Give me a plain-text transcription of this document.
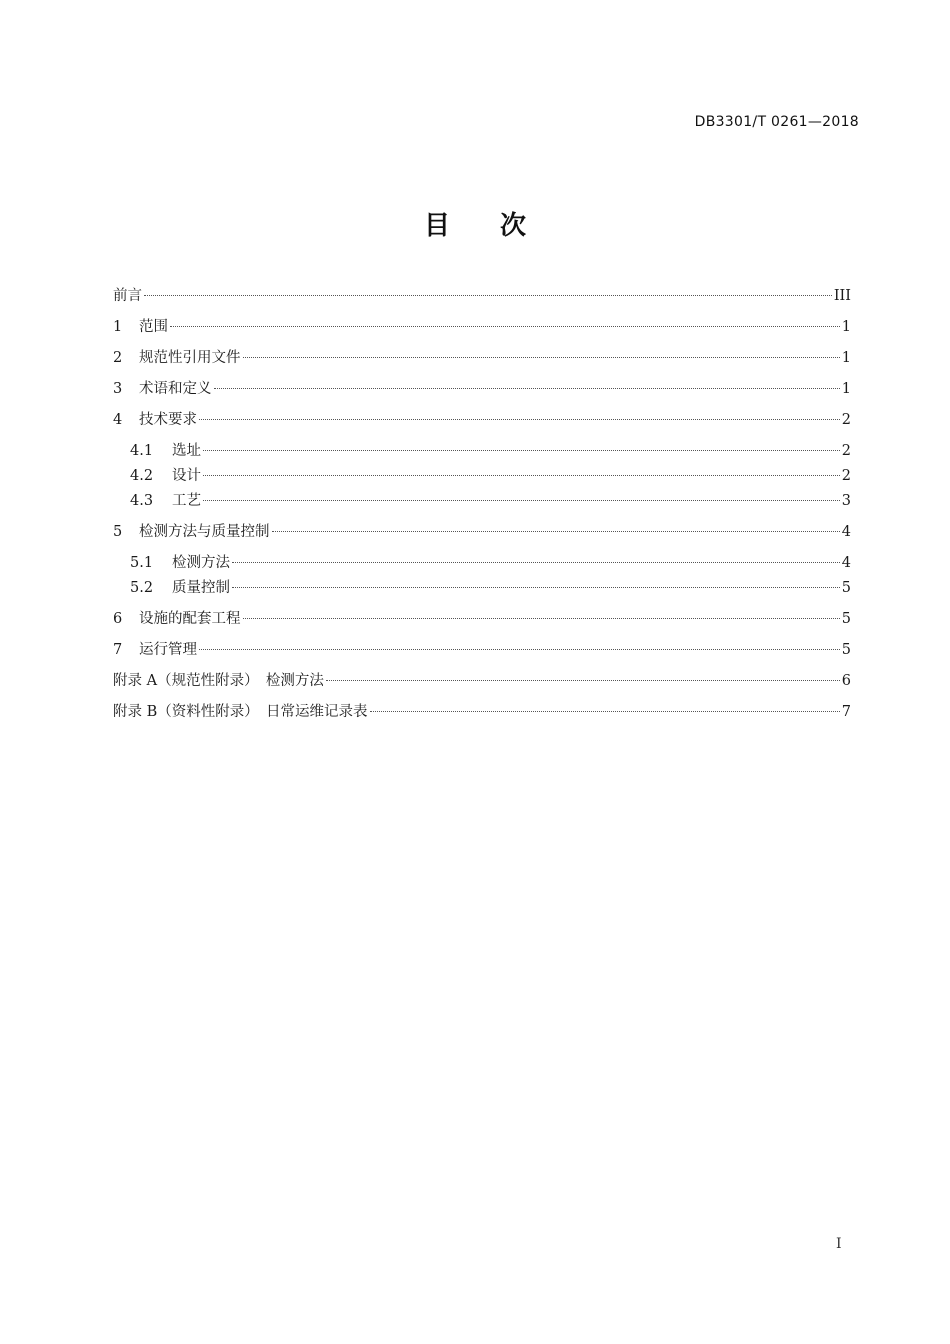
DB3301/T 0261—2018
目次
前言	III
1	范围	1
2	规范性引用文件	1
3	术语和定义	1
4	技术要求	2
4.1	选址	2
4.2	设计	2
4.3	工艺	3
5	检测方法与质量控制	4
5.1	检测方法	4
5.2	质量控制	5
6	设施的配套工程	5
7	运行管理	5
附录 A（规范性附录）　检测方法	6
附录 B（资料性附录）　日常运维记录表	7
I
